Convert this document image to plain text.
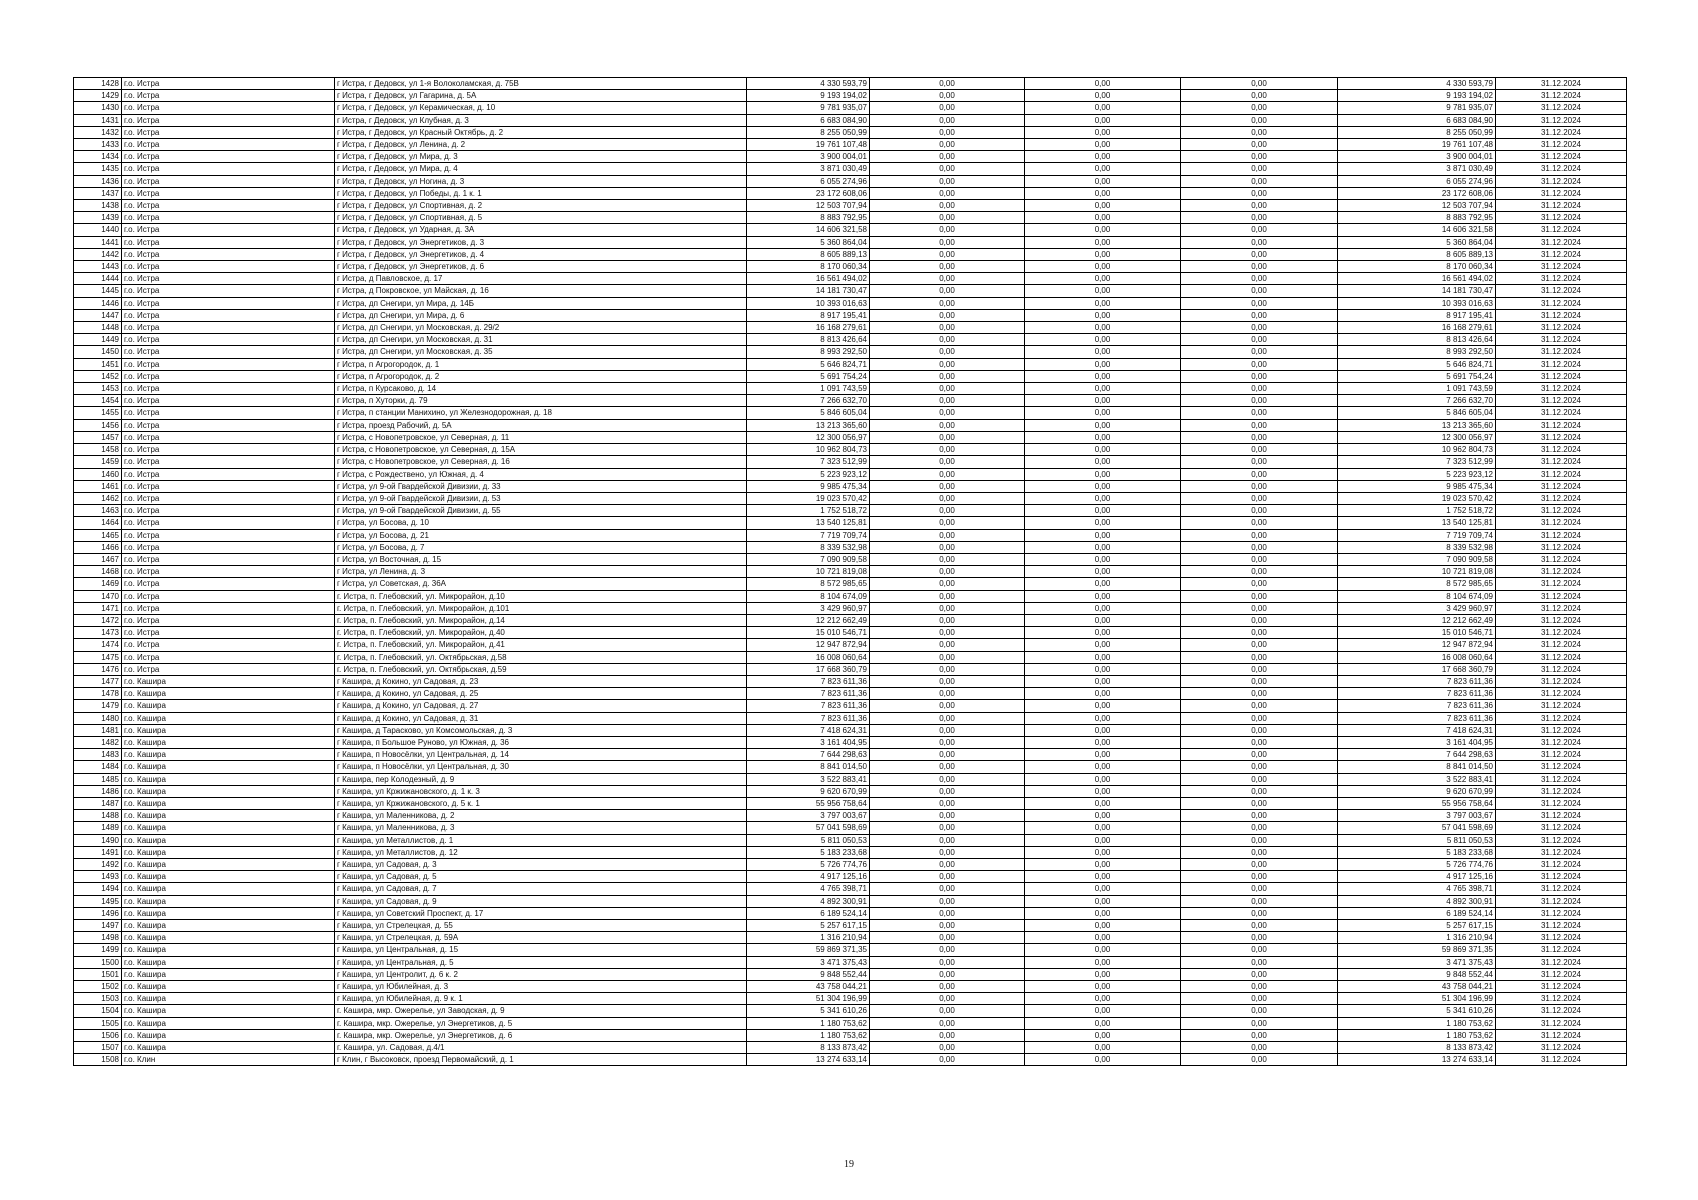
1428	г.о. Истра	г Истра, г Дедовск, ул 1-я Волоколамская, д. 75В	4 330 593,79	0,00	0,00	0,00	4 330 593,79	31.12.2024
1429	г.о. Истра	г Истра, г Дедовск, ул Гагарина, д. 5А	9 193 194,02	0,00	0,00	0,00	9 193 194,02	31.12.2024
1430	г.о. Истра	г Истра, г Дедовск, ул Керамическая, д. 10	9 781 935,07	0,00	0,00	0,00	9 781 935,07	31.12.2024
1431	г.о. Истра	г Истра, г Дедовск, ул Клубная, д. 3	6 683 084,90	0,00	0,00	0,00	6 683 084,90	31.12.2024
1432	г.о. Истра	г Истра, г Дедовск, ул Красный Октябрь, д. 2	8 255 050,99	0,00	0,00	0,00	8 255 050,99	31.12.2024
1433	г.о. Истра	г Истра, г Дедовск, ул Ленина, д. 2	19 761 107,48	0,00	0,00	0,00	19 761 107,48	31.12.2024
1434	г.о. Истра	г Истра, г Дедовск, ул Мира, д. 3	3 900 004,01	0,00	0,00	0,00	3 900 004,01	31.12.2024
1435	г.о. Истра	г Истра, г Дедовск, ул Мира, д. 4	3 871 030,49	0,00	0,00	0,00	3 871 030,49	31.12.2024
1436	г.о. Истра	г Истра, г Дедовск, ул Ногина, д. 3	6 055 274,96	0,00	0,00	0,00	6 055 274,96	31.12.2024
1437	г.о. Истра	г Истра, г Дедовск, ул Победы, д. 1 к. 1	23 172 608,06	0,00	0,00	0,00	23 172 608,06	31.12.2024
1438	г.о. Истра	г Истра, г Дедовск, ул Спортивная, д. 2	12 503 707,94	0,00	0,00	0,00	12 503 707,94	31.12.2024
1439	г.о. Истра	г Истра, г Дедовск, ул Спортивная, д. 5	8 883 792,95	0,00	0,00	0,00	8 883 792,95	31.12.2024
1440	г.о. Истра	г Истра, г Дедовск, ул Ударная, д. 3А	14 606 321,58	0,00	0,00	0,00	14 606 321,58	31.12.2024
1441	г.о. Истра	г Истра, г Дедовск, ул Энергетиков, д. 3	5 360 864,04	0,00	0,00	0,00	5 360 864,04	31.12.2024
1442	г.о. Истра	г Истра, г Дедовск, ул Энергетиков, д. 4	8 605 889,13	0,00	0,00	0,00	8 605 889,13	31.12.2024
1443	г.о. Истра	г Истра, г Дедовск, ул Энергетиков, д. 6	8 170 060,34	0,00	0,00	0,00	8 170 060,34	31.12.2024
1444	г.о. Истра	г Истра, д Павловское, д. 17	16 561 494,02	0,00	0,00	0,00	16 561 494,02	31.12.2024
1445	г.о. Истра	г Истра, д Покровское, ул Майская, д. 16	14 181 730,47	0,00	0,00	0,00	14 181 730,47	31.12.2024
1446	г.о. Истра	г Истра, дп Снегири, ул Мира, д. 14Б	10 393 016,63	0,00	0,00	0,00	10 393 016,63	31.12.2024
1447	г.о. Истра	г Истра, дп Снегири, ул Мира, д. 6	8 917 195,41	0,00	0,00	0,00	8 917 195,41	31.12.2024
1448	г.о. Истра	г Истра, дп Снегири, ул Московская, д. 29/2	16 168 279,61	0,00	0,00	0,00	16 168 279,61	31.12.2024
1449	г.о. Истра	г Истра, дп Снегири, ул Московская, д. 31	8 813 426,64	0,00	0,00	0,00	8 813 426,64	31.12.2024
1450	г.о. Истра	г Истра, дп Снегири, ул Московская, д. 35	8 993 292,50	0,00	0,00	0,00	8 993 292,50	31.12.2024
1451	г.о. Истра	г Истра, п Агрогородок, д. 1	5 646 824,71	0,00	0,00	0,00	5 646 824,71	31.12.2024
1452	г.о. Истра	г Истра, п Агрогородок, д. 2	5 691 754,24	0,00	0,00	0,00	5 691 754,24	31.12.2024
1453	г.о. Истра	г Истра, п Курсаково, д. 14	1 091 743,59	0,00	0,00	0,00	1 091 743,59	31.12.2024
1454	г.о. Истра	г Истра, п Хуторки, д. 79	7 266 632,70	0,00	0,00	0,00	7 266 632,70	31.12.2024
1455	г.о. Истра	г Истра, п станции Манихино, ул Железнодорожная, д. 18	5 846 605,04	0,00	0,00	0,00	5 846 605,04	31.12.2024
1456	г.о. Истра	г Истра, проезд Рабочий, д. 5А	13 213 365,60	0,00	0,00	0,00	13 213 365,60	31.12.2024
1457	г.о. Истра	г Истра, с Новопетровское, ул Северная, д. 11	12 300 056,97	0,00	0,00	0,00	12 300 056,97	31.12.2024
1458	г.о. Истра	г Истра, с Новопетровское, ул Северная, д. 15А	10 962 804,73	0,00	0,00	0,00	10 962 804,73	31.12.2024
1459	г.о. Истра	г Истра, с Новопетровское, ул Северная, д. 16	7 323 512,99	0,00	0,00	0,00	7 323 512,99	31.12.2024
1460	г.о. Истра	г Истра, с Рождествено, ул Южная, д. 4	5 223 923,12	0,00	0,00	0,00	5 223 923,12	31.12.2024
1461	г.о. Истра	г Истра, ул 9-ой Гвардейской Дивизии, д. 33	9 985 475,34	0,00	0,00	0,00	9 985 475,34	31.12.2024
1462	г.о. Истра	г Истра, ул 9-ой Гвардейской Дивизии, д. 53	19 023 570,42	0,00	0,00	0,00	19 023 570,42	31.12.2024
1463	г.о. Истра	г Истра, ул 9-ой Гвардейской Дивизии, д. 55	1 752 518,72	0,00	0,00	0,00	1 752 518,72	31.12.2024
1464	г.о. Истра	г Истра, ул Босова, д. 10	13 540 125,81	0,00	0,00	0,00	13 540 125,81	31.12.2024
1465	г.о. Истра	г Истра, ул Босова, д. 21	7 719 709,74	0,00	0,00	0,00	7 719 709,74	31.12.2024
1466	г.о. Истра	г Истра, ул Босова, д. 7	8 339 532,98	0,00	0,00	0,00	8 339 532,98	31.12.2024
1467	г.о. Истра	г Истра, ул Восточная, д. 15	7 090 909,58	0,00	0,00	0,00	7 090 909,58	31.12.2024
1468	г.о. Истра	г Истра, ул Ленина, д. 3	10 721 819,08	0,00	0,00	0,00	10 721 819,08	31.12.2024
1469	г.о. Истра	г Истра, ул Советская, д. 36А	8 572 985,65	0,00	0,00	0,00	8 572 985,65	31.12.2024
1470	г.о. Истра	г. Истра, п. Глебовский, ул. Микрорайон, д.10	8 104 674,09	0,00	0,00	0,00	8 104 674,09	31.12.2024
1471	г.о. Истра	г. Истра, п. Глебовский, ул. Микрорайон, д.101	3 429 960,97	0,00	0,00	0,00	3 429 960,97	31.12.2024
1472	г.о. Истра	г. Истра, п. Глебовский, ул. Микрорайон, д.14	12 212 662,49	0,00	0,00	0,00	12 212 662,49	31.12.2024
1473	г.о. Истра	г. Истра, п. Глебовский, ул. Микрорайон, д.40	15 010 546,71	0,00	0,00	0,00	15 010 546,71	31.12.2024
1474	г.о. Истра	г. Истра, п. Глебовский, ул. Микрорайон, д.41	12 947 872,94	0,00	0,00	0,00	12 947 872,94	31.12.2024
1475	г.о. Истра	г. Истра, п. Глебовский, ул. Октябрьская, д.58	16 008 060,64	0,00	0,00	0,00	16 008 060,64	31.12.2024
1476	г.о. Истра	г. Истра, п. Глебовский, ул. Октябрьская, д.59	17 668 360,79	0,00	0,00	0,00	17 668 360,79	31.12.2024
1477	г.о. Кашира	г Кашира, д Кокино, ул Садовая, д. 23	7 823 611,36	0,00	0,00	0,00	7 823 611,36	31.12.2024
1478	г.о. Кашира	г Кашира, д Кокино, ул Садовая, д. 25	7 823 611,36	0,00	0,00	0,00	7 823 611,36	31.12.2024
1479	г.о. Кашира	г Кашира, д Кокино, ул Садовая, д. 27	7 823 611,36	0,00	0,00	0,00	7 823 611,36	31.12.2024
1480	г.о. Кашира	г Кашира, д Кокино, ул Садовая, д. 31	7 823 611,36	0,00	0,00	0,00	7 823 611,36	31.12.2024
1481	г.о. Кашира	г Кашира, д Тарасково, ул Комсомольская, д. 3	7 418 624,31	0,00	0,00	0,00	7 418 624,31	31.12.2024
1482	г.о. Кашира	г Кашира, п Большое Руново, ул Южная, д. 36	3 161 404,95	0,00	0,00	0,00	3 161 404,95	31.12.2024
1483	г.о. Кашира	г Кашира, п Новосёлки, ул Центральная, д. 14	7 644 298,63	0,00	0,00	0,00	7 644 298,63	31.12.2024
1484	г.о. Кашира	г Кашира, п Новосёлки, ул Центральная, д. 30	8 841 014,50	0,00	0,00	0,00	8 841 014,50	31.12.2024
1485	г.о. Кашира	г Кашира, пер Колодезный, д. 9	3 522 883,41	0,00	0,00	0,00	3 522 883,41	31.12.2024
1486	г.о. Кашира	г Кашира, ул Кржижановского, д. 1 к. 3	9 620 670,99	0,00	0,00	0,00	9 620 670,99	31.12.2024
1487	г.о. Кашира	г Кашира, ул Кржижановского, д. 5 к. 1	55 956 758,64	0,00	0,00	0,00	55 956 758,64	31.12.2024
1488	г.о. Кашира	г Кашира, ул Маленникова, д. 2	3 797 003,67	0,00	0,00	0,00	3 797 003,67	31.12.2024
1489	г.о. Кашира	г Кашира, ул Маленникова, д. 3	57 041 598,69	0,00	0,00	0,00	57 041 598,69	31.12.2024
1490	г.о. Кашира	г Кашира, ул Металлистов, д. 1	5 811 050,53	0,00	0,00	0,00	5 811 050,53	31.12.2024
1491	г.о. Кашира	г Кашира, ул Металлистов, д. 12	5 183 233,68	0,00	0,00	0,00	5 183 233,68	31.12.2024
1492	г.о. Кашира	г Кашира, ул Садовая, д. 3	5 726 774,76	0,00	0,00	0,00	5 726 774,76	31.12.2024
1493	г.о. Кашира	г Кашира, ул Садовая, д. 5	4 917 125,16	0,00	0,00	0,00	4 917 125,16	31.12.2024
1494	г.о. Кашира	г Кашира, ул Садовая, д. 7	4 765 398,71	0,00	0,00	0,00	4 765 398,71	31.12.2024
1495	г.о. Кашира	г Кашира, ул Садовая, д. 9	4 892 300,91	0,00	0,00	0,00	4 892 300,91	31.12.2024
1496	г.о. Кашира	г Кашира, ул Советский Проспект, д. 17	6 189 524,14	0,00	0,00	0,00	6 189 524,14	31.12.2024
1497	г.о. Кашира	г Кашира, ул Стрелецкая, д. 55	5 257 617,15	0,00	0,00	0,00	5 257 617,15	31.12.2024
1498	г.о. Кашира	г Кашира, ул Стрелецкая, д. 59А	1 316 210,94	0,00	0,00	0,00	1 316 210,94	31.12.2024
1499	г.о. Кашира	г Кашира, ул Центральная, д. 15	59 869 371,35	0,00	0,00	0,00	59 869 371,35	31.12.2024
1500	г.о. Кашира	г Кашира, ул Центральная, д. 5	3 471 375,43	0,00	0,00	0,00	3 471 375,43	31.12.2024
1501	г.о. Кашира	г Кашира, ул Центролит, д. 6 к. 2	9 848 552,44	0,00	0,00	0,00	9 848 552,44	31.12.2024
1502	г.о. Кашира	г Кашира, ул Юбилейная, д. 3	43 758 044,21	0,00	0,00	0,00	43 758 044,21	31.12.2024
1503	г.о. Кашира	г Кашира, ул Юбилейная, д. 9 к. 1	51 304 196,99	0,00	0,00	0,00	51 304 196,99	31.12.2024
1504	г.о. Кашира	г. Кашира, мкр. Ожерелье, ул Заводская, д. 9	5 341 610,26	0,00	0,00	0,00	5 341 610,26	31.12.2024
1505	г.о. Кашира	г. Кашира, мкр. Ожерелье, ул Энергетиков, д. 5	1 180 753,62	0,00	0,00	0,00	1 180 753,62	31.12.2024
1506	г.о. Кашира	г. Кашира, мкр. Ожерелье, ул Энергетиков, д. 6	1 180 753,62	0,00	0,00	0,00	1 180 753,62	31.12.2024
1507	г.о. Кашира	г. Кашира, ул. Садовая, д.4/1	8 133 873,42	0,00	0,00	0,00	8 133 873,42	31.12.2024
1508	г.о. Клин	г Клин, г Высоковск, проезд Первомайский, д. 1	13 274 633,14	0,00	0,00	0,00	13 274 633,14	31.12.2024
19
